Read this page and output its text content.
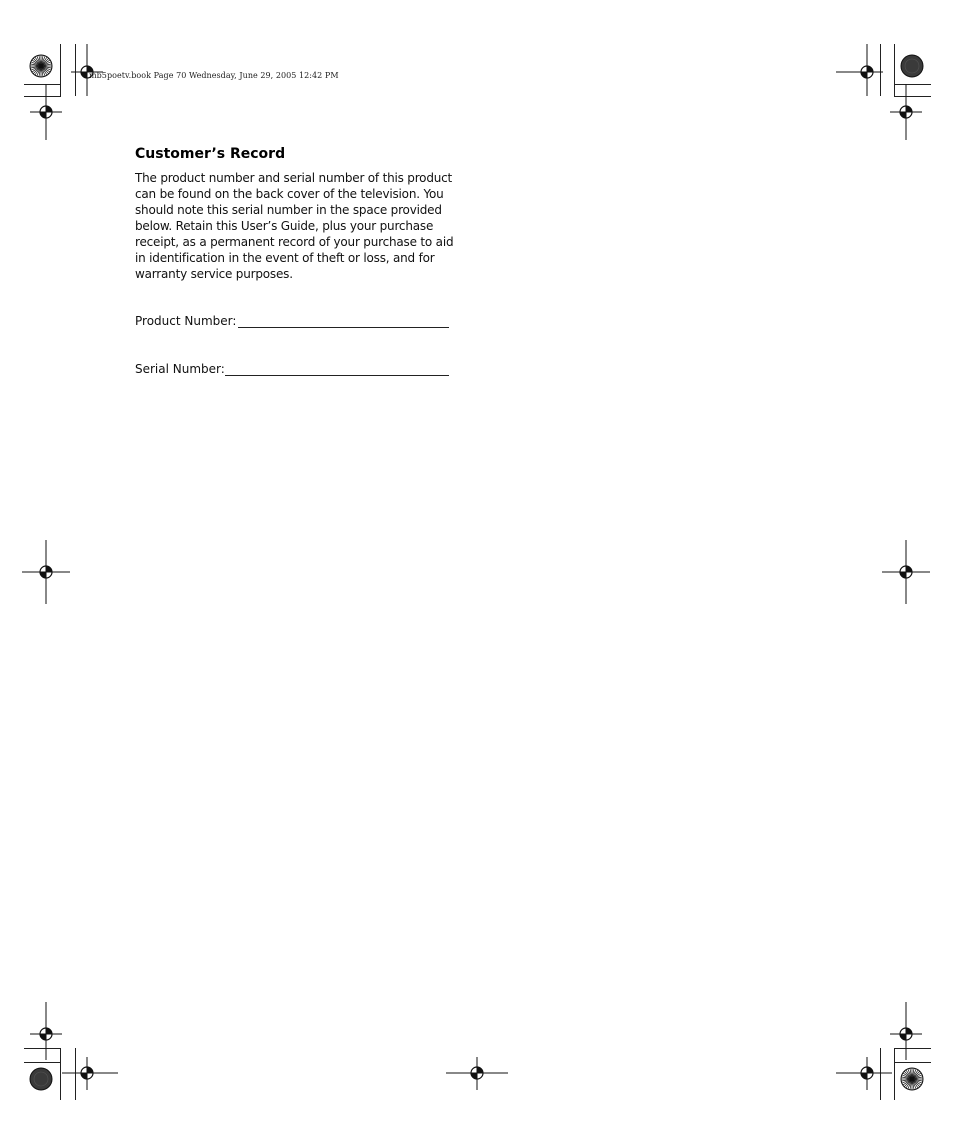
mb5poetv.book Page 70 Wednesday, June 29, 2005 12:42 PM
Customer’s Record

The product number and serial number of this product
can be found on the back cover of the television. You
should note this serial number in the space provided
below. Retain this User’s Guide, plus your purchase
receipt, as a permanent record of your purchase to aid
in identification in the event of theft or loss, and for
warranty service purposes.

Product Number:
Serial Number:
